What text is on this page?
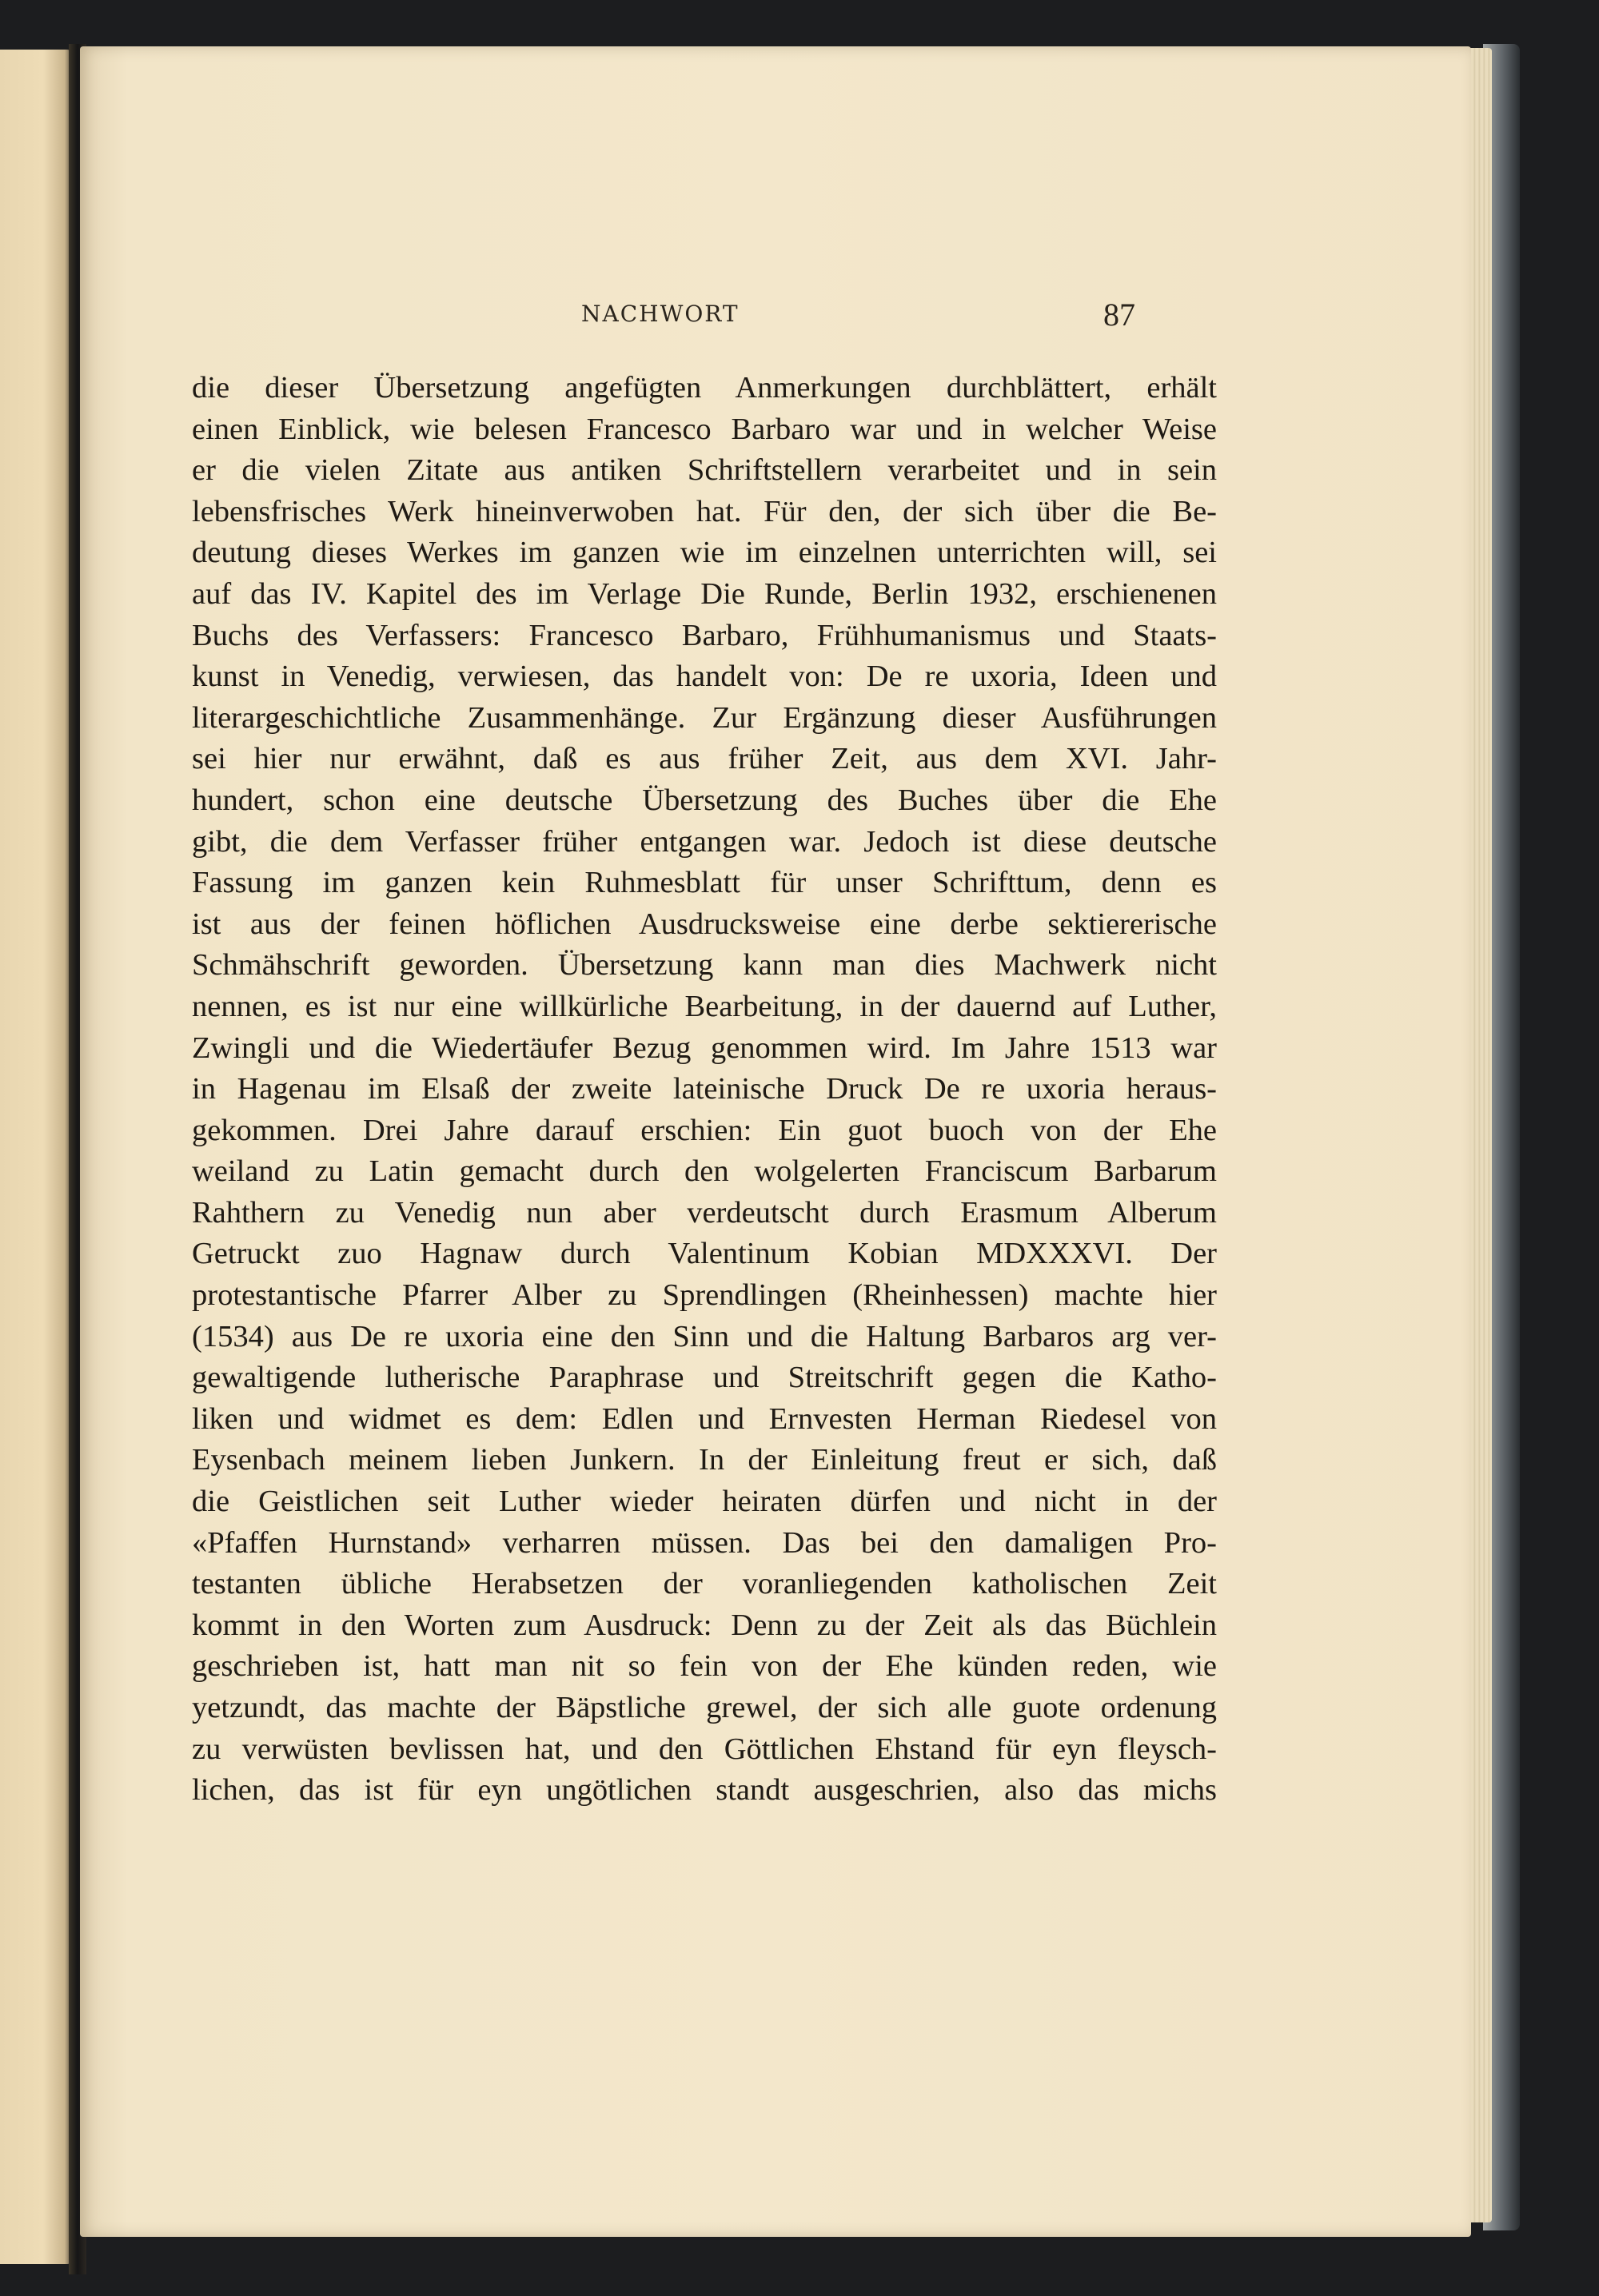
NACHWORT	87
die dieser Übersetzung angefügten Anmerkungen durchblättert, erhält
einen Einblick, wie belesen Francesco Barbaro war und in welcher Weise
er die vielen Zitate aus antiken Schriftstellern verarbeitet und in sein
lebensfrisches Werk hineinverwoben hat. Für den, der sich über die Be-
deutung dieses Werkes im ganzen wie im einzelnen unterrichten will, sei
auf das IV. Kapitel des im Verlage Die Runde, Berlin 1932, erschienenen
Buchs des Verfassers: Francesco Barbaro, Frühhumanismus und Staats-
kunst in Venedig, verwiesen, das handelt von: De re uxoria, Ideen und
literargeschichtliche Zusammenhänge. Zur Ergänzung dieser Ausführungen
sei hier nur erwähnt, daß es aus früher Zeit, aus dem XVI. Jahr-
hundert, schon eine deutsche Übersetzung des Buches über die Ehe
gibt, die dem Verfasser früher entgangen war. Jedoch ist diese deutsche
Fassung im ganzen kein Ruhmesblatt für unser Schrifttum, denn es
ist aus der feinen höflichen Ausdrucksweise eine derbe sektiererische
Schmähschrift geworden. Übersetzung kann man dies Machwerk nicht
nennen, es ist nur eine willkürliche Bearbeitung, in der dauernd auf Luther,
Zwingli und die Wiedertäufer Bezug genommen wird. Im Jahre 1513 war
in Hagenau im Elsaß der zweite lateinische Druck De re uxoria heraus-
gekommen. Drei Jahre darauf erschien: Ein guot buoch von der Ehe
weiland zu Latin gemacht durch den wolgelerten Franciscum Barbarum
Rahthern zu Venedig nun aber verdeutscht durch Erasmum Alberum
Getruckt zuo Hagnaw durch Valentinum Kobian MDXXXVI. Der
protestantische Pfarrer Alber zu Sprendlingen (Rheinhessen) machte hier
(1534) aus De re uxoria eine den Sinn und die Haltung Barbaros arg ver-
gewaltigende lutherische Paraphrase und Streitschrift gegen die Katho-
liken und widmet es dem: Edlen und Ernvesten Herman Riedesel von
Eysenbach meinem lieben Junkern. In der Einleitung freut er sich, daß
die Geistlichen seit Luther wieder heiraten dürfen und nicht in der
«Pfaffen Hurnstand» verharren müssen. Das bei den damaligen Pro-
testanten übliche Herabsetzen der voranliegenden katholischen Zeit
kommt in den Worten zum Ausdruck: Denn zu der Zeit als das Büchlein
geschrieben ist, hatt man nit so fein von der Ehe künden reden, wie
yetzundt, das machte der Bäpstliche grewel, der sich alle guote ordenung
zu verwüsten bevlissen hat, und den Göttlichen Ehstand für eyn fleysch-
lichen, das ist für eyn ungötlichen standt ausgeschrien, also das michs
